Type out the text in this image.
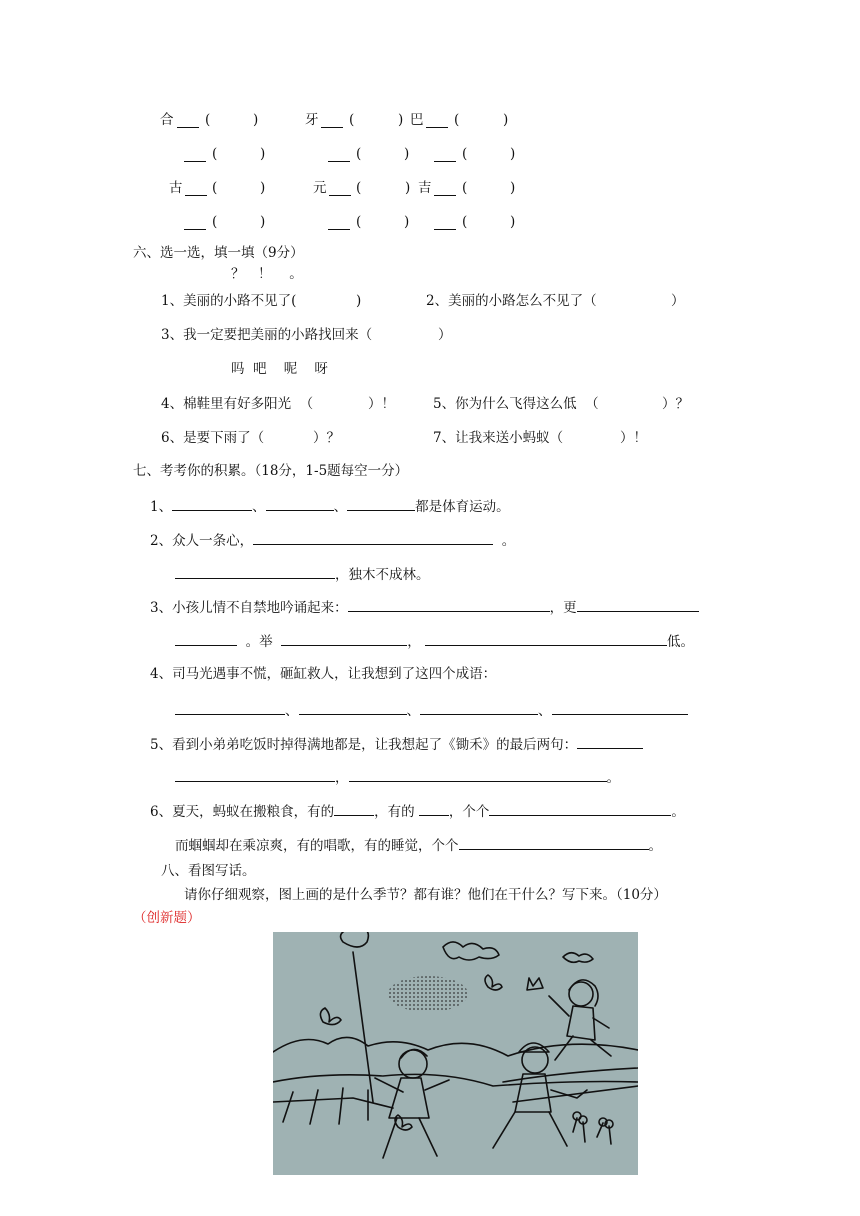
合 (	)	牙 (	) 巴 (	)
(	)	(	)	(	)
古 (	)	元 (	) 吉 (	)
(	)	(	)	(	)
六、选一选，填一填（9分）
？　！　 。
1、美丽的小路不见了(	)	2、美丽的小路怎么不见了（	）
3、我一定要把美丽的小路找回来（	）
吗  吧    呢    呀
4、棉鞋里有好多阳光  （	）！	5、你为什么飞得这么低  （	）？
6、是要下雨了（	）？	7、让我来送小蚂蚁（	）！
七、考考你的积累。（18分，1-5题每空一分）
1、	、	、	都是体育运动。
2、众人一条心，	。
，独木不成林。
3、小孩儿情不自禁地吟诵起来：	，更
。举	，	低。
4、司马光遇事不慌，砸缸救人，让我想到了这四个成语：
、	、	、
5、看到小弟弟吃饭时掉得满地都是，让我想起了《锄禾》的最后两句：
，	。
6、夏天，蚂蚁在搬粮食，有的	，有的	，个个	。
而蝈蝈却在乘凉爽，有的唱歌，有的睡觉，个个	。
八、看图写话。
请你仔细观察，图上画的是什么季节？都有谁？他们在干什么？写下来。（10分）
（创新题）
